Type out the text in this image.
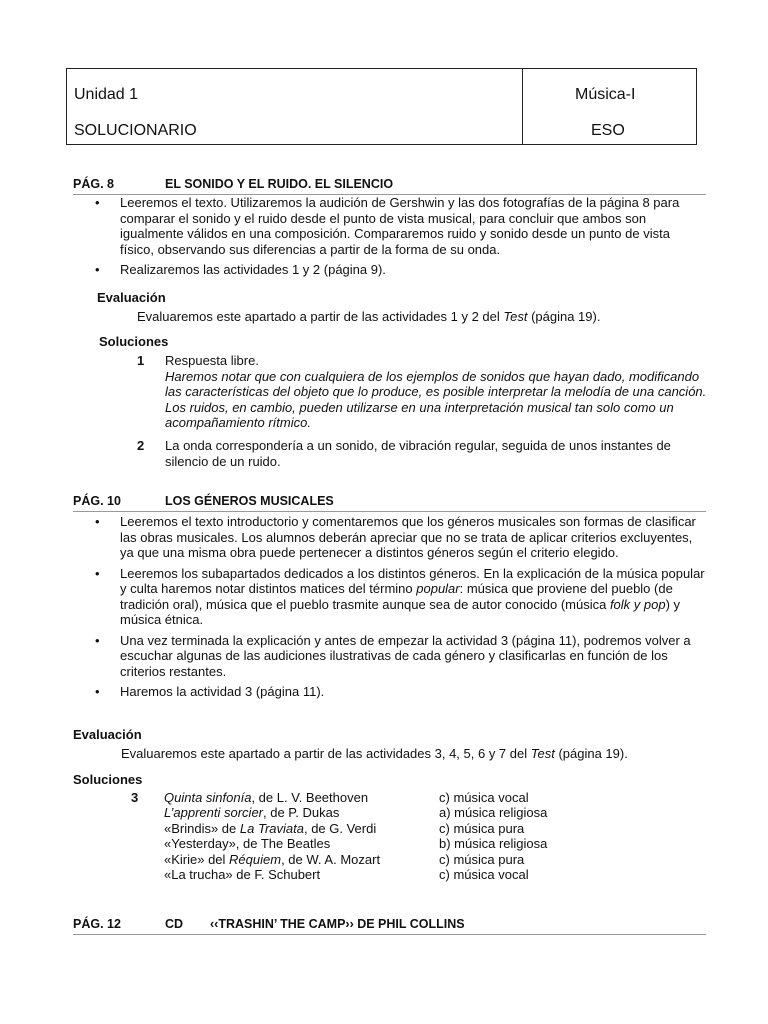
Unidad 1
SOLUCIONARIO
Música-I
ESO
PÁG. 8	EL SONIDO Y EL RUIDO. EL SILENCIO
• Leeremos el texto. Utilizaremos la audición de Gershwin y las dos fotografías de la página 8 para comparar el sonido y el ruido desde el punto de vista musical, para concluir que ambos son igualmente válidos en una composición. Compararemos ruido y sonido desde un punto de vista físico, observando sus diferencias a partir de la forma de su onda.
• Realizaremos las actividades 1 y 2 (página 9).
Evaluación
Evaluaremos este apartado a partir de las actividades 1 y 2 del Test (página 19).
Soluciones
1 Respuesta libre.
Haremos notar que con cualquiera de los ejemplos de sonidos que hayan dado, modificando las características del objeto que lo produce, es posible interpretar la melodía de una canción. Los ruidos, en cambio, pueden utilizarse en una interpretación musical tan solo como un acompañamiento rítmico.
2 La onda correspondería a un sonido, de vibración regular, seguida de unos instantes de silencio de un ruido.
PÁG. 10	LOS GÉNEROS MUSICALES
• Leeremos el texto introductorio y comentaremos que los géneros musicales son formas de clasificar las obras musicales. Los alumnos deberán apreciar que no se trata de aplicar criterios excluyentes, ya que una misma obra puede pertenecer a distintos géneros según el criterio elegido.
• Leeremos los subapartados dedicados a los distintos géneros. En la explicación de la música popular y culta haremos notar distintos matices del término popular: música que proviene del pueblo (de tradición oral), música que el pueblo trasmite aunque sea de autor conocido (música folk y pop) y música étnica.
• Una vez terminada la explicación y antes de empezar la actividad 3 (página 11), podremos volver a escuchar algunas de las audiciones ilustrativas de cada género y clasificarlas en función de los criterios restantes.
• Haremos la actividad 3 (página 11).
Evaluación
Evaluaremos este apartado a partir de las actividades 3, 4, 5, 6 y 7 del Test (página 19).
Soluciones
3 Quinta sinfonía, de L. V. Beethoven	c) música vocal
L’apprenti sorcier, de P. Dukas	a) música religiosa
«Brindis» de La Traviata, de G. Verdi	c) música pura
«Yesterday», de The Beatles	b) música religiosa
«Kirie» del Réquiem, de W. A. Mozart	c) música pura
«La trucha» de F. Schubert	c) música vocal
PÁG. 12	CD ‹‹TRASHIN’ THE CAMP›› DE PHIL COLLINS
